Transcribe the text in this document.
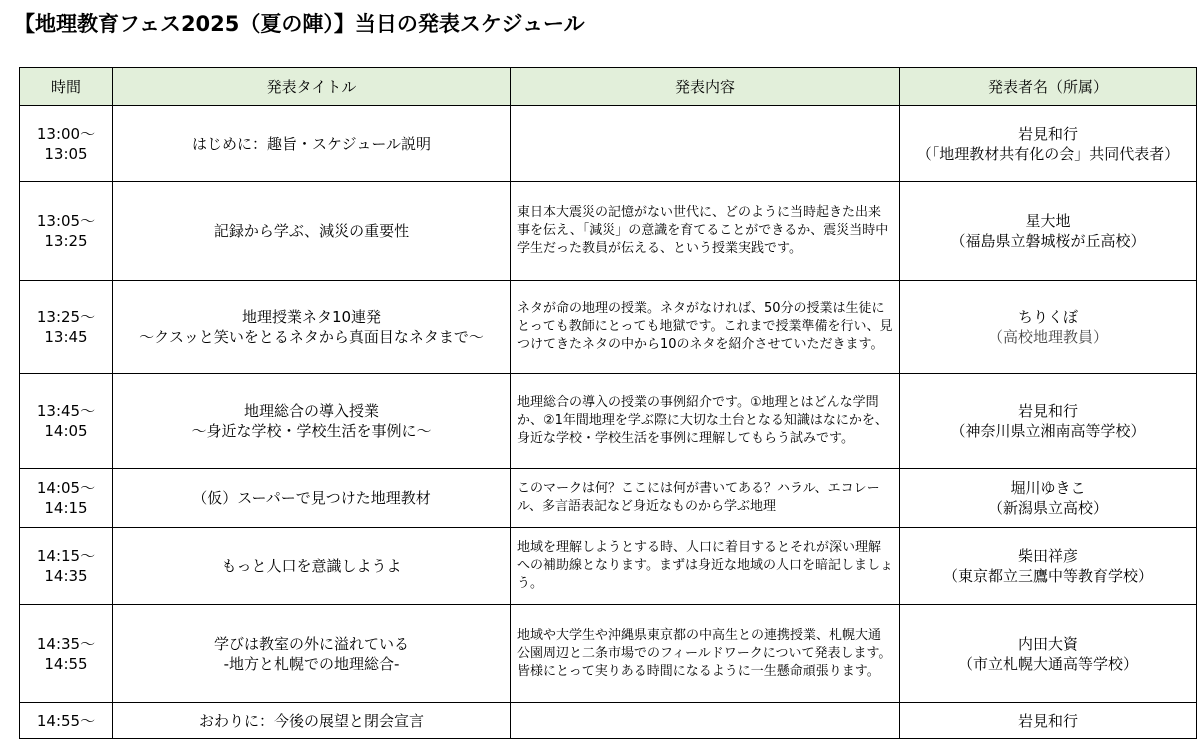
【地理教育フェス2025（夏の陣）】当日の発表スケジュール
時間	発表タイトル	発表内容	発表者名（所属）

13:00～
13:05	はじめに：趣旨・スケジュール説明		岩見和行
（「地理教材共有化の会」共同代表者）

13:05～
13:25	記録から学ぶ、減災の重要性	東日本大震災の記憶がない世代に、どのように当時起きた出来事を伝え、「減災」の意識を育てることができるか、震災当時中学生だった教員が伝える、という授業実践です。	星大地
（福島県立磐城桜が丘高校）

13:25～
13:45	地理授業ネタ10連発
～クスッと笑いをとるネタから真面目なネタまで～	ネタが命の地理の授業。ネタがなければ、50分の授業は生徒にとっても教師にとっても地獄です。これまで授業準備を行い、見つけてきたネタの中から10のネタを紹介させていただきます。	ちりくぼ
（高校地理教員）

13:45～
14:05	地理総合の導入授業
～身近な学校・学校生活を事例に～	地理総合の導入の授業の事例紹介です。①地理とはどんな学問か、②1年間地理を学ぶ際に大切な土台となる知識はなにかを、身近な学校・学校生活を事例に理解してもらう試みです。	岩見和行
（神奈川県立湘南高等学校）

14:05～
14:15	（仮）スーパーで見つけた地理教材	このマークは何？ここには何が書いてある？ハラル、エコレール、多言語表記など身近なものから学ぶ地理	堀川ゆきこ
（新潟県立高校）

14:15～
14:35	もっと人口を意識しようよ	地域を理解しようとする時、人口に着目するとそれが深い理解への補助線となります。まずは身近な地域の人口を暗記しましょう。	柴田祥彦
（東京都立三鷹中等教育学校）

14:35～
14:55	学びは教室の外に溢れている
-地方と札幌での地理総合-	地域や大学生や沖縄県東京都の中高生との連携授業、札幌大通公園周辺と二条市場でのフィールドワークについて発表します。皆様にとって実りある時間になるように一生懸命頑張ります。	内田大資
（市立札幌大通高等学校）

14:55～	おわりに：今後の展望と閉会宣言		岩見和行
